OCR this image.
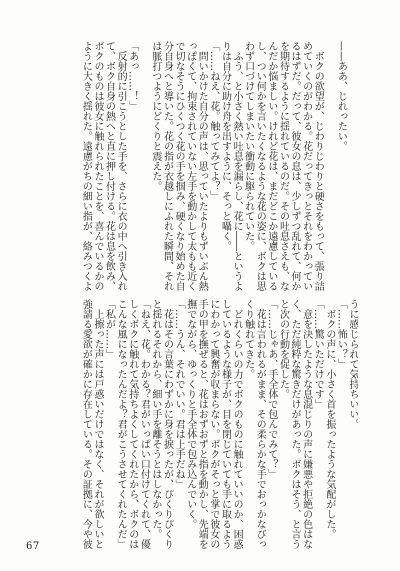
——ああ、じれったい。
　ボクの欲望が、じわりじわりと硬さをもって、張り詰
めていくのがわかる。花だってきっとそれをわかってい
るはずだ。だって、彼女の息は、少しずつ乱れて、何か
を期待するように揺れているのだ。その吐息さえも、な
んだか悩ましい。けれど花は、まだどこか遠慮している
し、つい何かを言いたくなるような花の姿に、ボクは思
わず口づけてしまいたい衝動に駆られていた。
　ふう、と小さく熱い吐息を漏らし、花に――というよ
りは自分に助け舟を出すように、そっと囁く。
「……ねえ、花。触ってみてよ？」
　問いかけた自分の声は、思っていたよりもずいぶん熱
っぽくて、拘束されていない左手を動かして太もも近く
で切なそうにひくつく花の手を掴み、硬くなり始めた自
分自身へと導いた。花の指が衣越しにふれた瞬間、それ
は脈打つようにどくりと震えた。
「あっ……！」
　反射的に引こうとした手を、さらに衣の中へ引き入れ
て、ボク自身の熱へと直に押し付ける。花は息を飲み、
ボクのものは彼女に触れられたことを、喜んでいるかの
ように大きく揺れた。遠慮がちの細い指が、絡みつくよ
うに感じられて気持ちいい。
「……怖い？」
　ボクの声に、小さく首を振ったような気配がした。
「……驚いただけです」
　意を決したような息混じりの声に嫌悪や拒絶の色はな
く、ただ純粋な驚きだけがあった。ボクはそう、と言う
と次の行動を促した。
「……じゃあ、手全体で包んでみて？」
　花は言われるがまま、その柔らかな手でおっかなびっ
くり触れてきた。
　どれくらいの力でボクのものに触れていいのか、困惑
しているような様子が、目を閉じていても手に取るよう
にわかって興奮が収まらない。ボクがそっと掌で彼女の
手の甲を撫ぜると、花はおずおずと指を動かし、先端を
撫でながら、ゆっくりと手全体で包み込んでいく。
「……うん、それでいい。君は上手だね」
　花はその言葉にわずかに身を捩ったが、ぴくりぴくり
と揺れるそれから、細い手を離そうとはしなかった。
「ねえ、花。わかる？君がいっぱい口付けてくれて、優
しくボクに触れて気持ちよくしてくれたから、ボクのは
こんな風になったんだよ？君がこうさせてくれたんだ」
「私が……」
　上擦った声には戸惑いだけではなく、それが欲しいと
強請る愛欲が確かに存在している。その証拠に、今や彼
67
